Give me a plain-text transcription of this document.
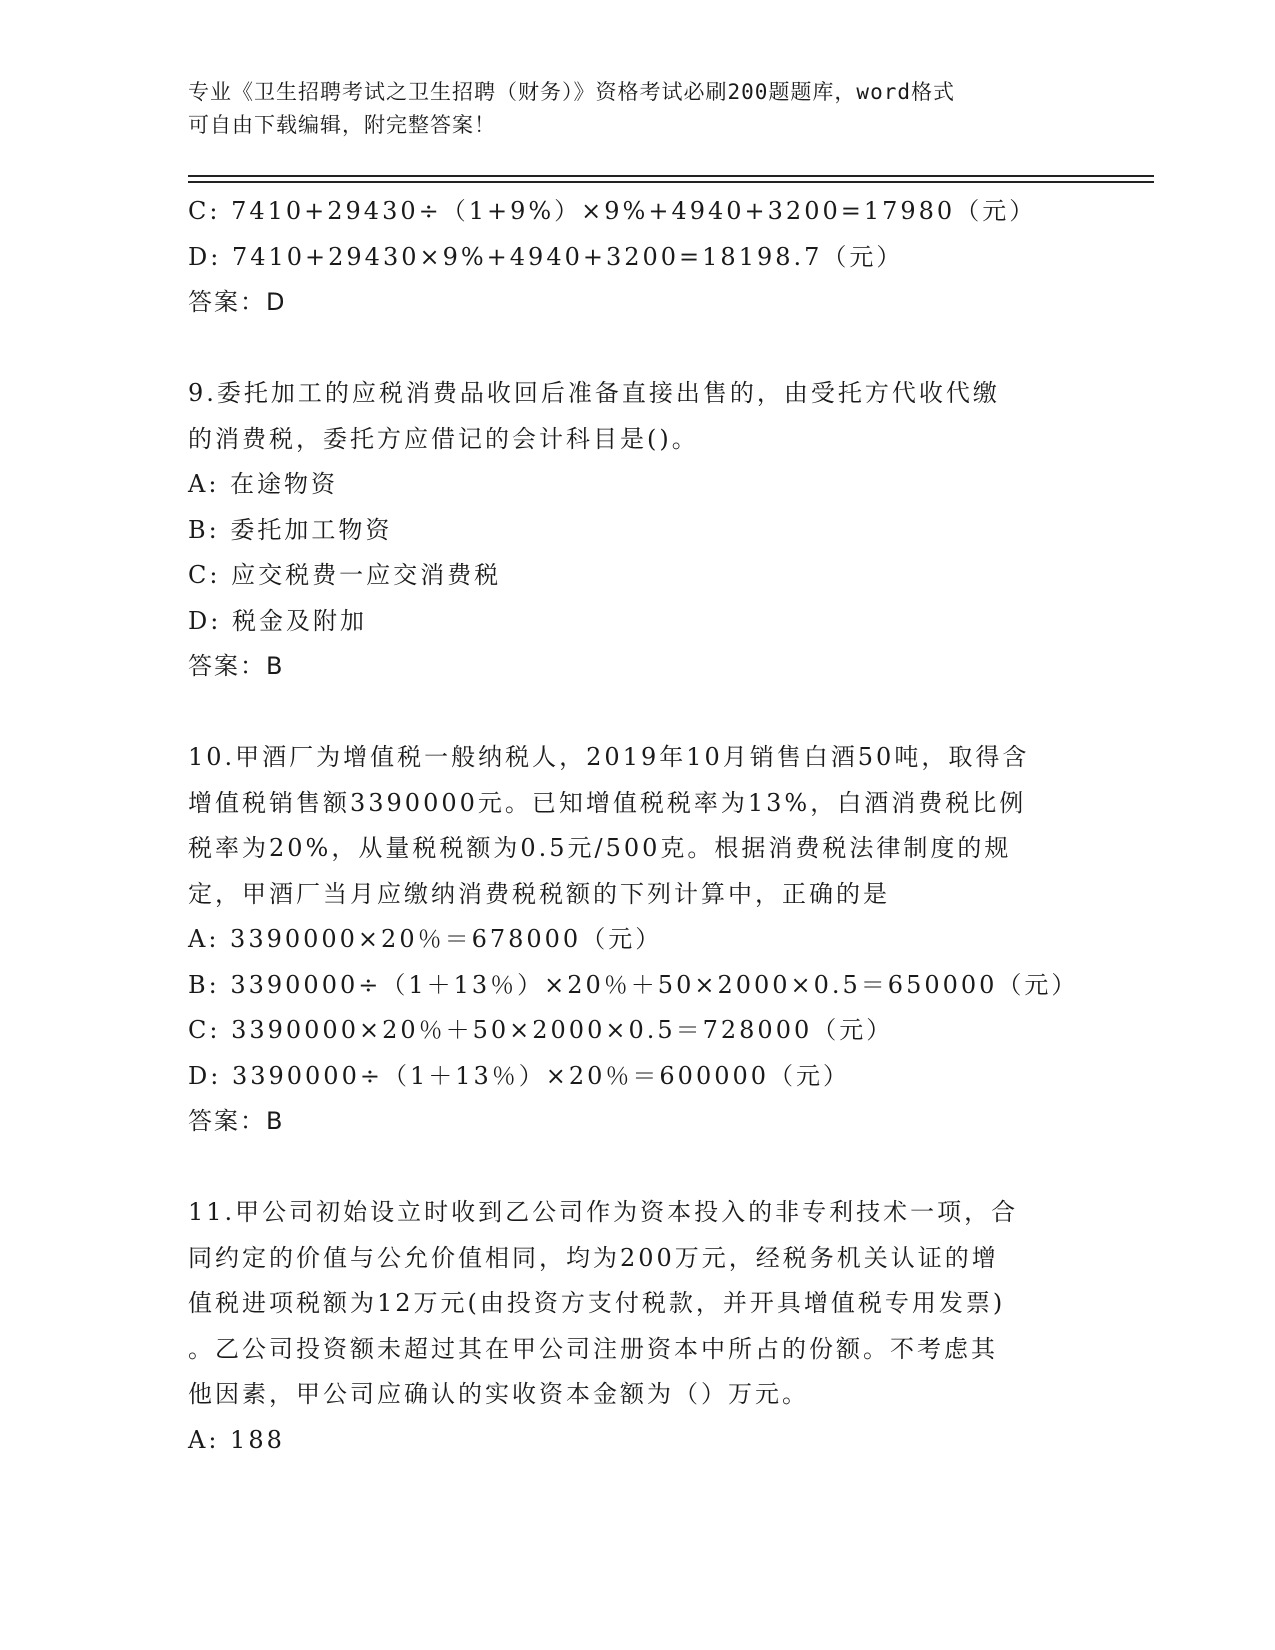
专业《卫生招聘考试之卫生招聘（财务）》资格考试必刷200题题库，word格式
可自由下载编辑，附完整答案！
C: 7410+29430÷（1+9%）×9%+4940+3200=17980（元）
D: 7410+29430×9%+4940+3200=18198.7（元）
答案：D
9.委托加工的应税消费品收回后准备直接出售的，由受托方代收代缴
的消费税，委托方应借记的会计科目是()。
A: 在途物资
B: 委托加工物资
C: 应交税费一应交消费税
D: 税金及附加
答案：B
10.甲酒厂为增值税一般纳税人，2019年10月销售白酒50吨，取得含
增值税销售额3390000元。已知增值税税率为13%，白酒消费税比例
税率为20%，从量税税额为0.5元/500克。根据消费税法律制度的规
定，甲酒厂当月应缴纳消费税税额的下列计算中，正确的是
A: 3390000×20％＝678000（元）
B: 3390000÷（1＋13％）×20％＋50×2000×0.5＝650000（元）
C: 3390000×20％＋50×2000×0.5＝728000（元）
D: 3390000÷（1＋13％）×20％＝600000（元）
答案：B
11.甲公司初始设立时收到乙公司作为资本投入的非专利技术一项，合
同约定的价值与公允价值相同，均为200万元，经税务机关认证的增
值税进项税额为12万元(由投资方支付税款，并开具增值税专用发票)
。乙公司投资额未超过其在甲公司注册资本中所占的份额。不考虑其
他因素，甲公司应确认的实收资本金额为（）万元。
A: 188
